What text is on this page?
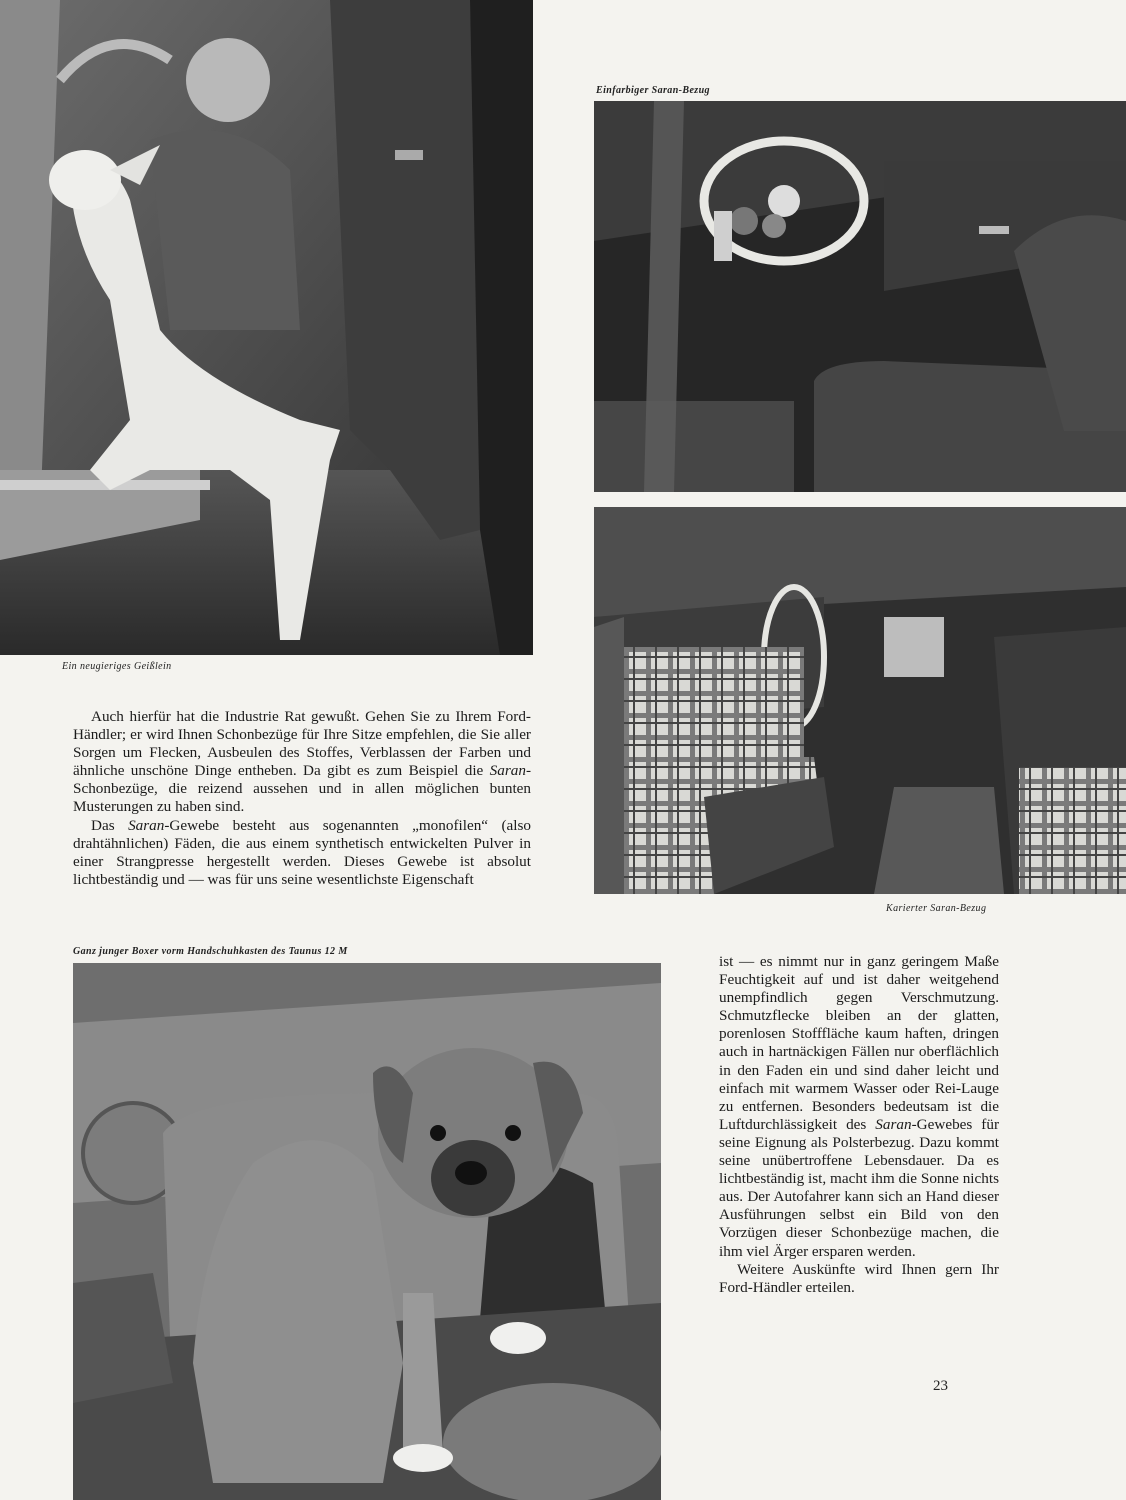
Ein neugieriges Geißlein
Einfarbiger Saran-Bezug
Karierter Saran-Bezug

Auch hierfür hat die Industrie Rat gewußt. Gehen Sie zu Ihrem Ford-Händler; er wird Ihnen Schonbezüge für Ihre Sitze empfehlen, die Sie aller Sorgen um Flecken, Ausbeulen des Stoffes, Verblassen der Farben und ähnliche unschöne Dinge entheben. Da gibt es zum Beispiel die Saran-Schonbezüge, die reizend aussehen und in allen möglichen bunten Musterungen zu haben sind.

Das Saran-Gewebe besteht aus sogenannten „monofilen“ (also drahtähnlichen) Fäden, die aus einem synthetisch entwickelten Pulver in einer Strangpresse hergestellt werden. Dieses Gewebe ist absolut lichtbeständig und — was für uns seine wesentlichste Eigenschaft

Ganz junger Boxer vorm Handschuhkasten des Taunus 12 M

ist — es nimmt nur in ganz geringem Maße Feuchtigkeit auf und ist daher weitgehend unempfindlich gegen Verschmutzung. Schmutzflecke bleiben an der glatten, porenlosen Stofffläche kaum haften, dringen auch in hartnäckigen Fällen nur oberflächlich in den Faden ein und sind daher leicht und einfach mit warmem Wasser oder Rei-Lauge zu entfernen. Besonders bedeutsam ist die Luftdurchlässigkeit des Saran-Gewebes für seine Eignung als Polsterbezug. Dazu kommt seine unübertroffene Lebensdauer. Da es lichtbeständig ist, macht ihm die Sonne nichts aus. Der Autofahrer kann sich an Hand dieser Ausführungen selbst ein Bild von den Vorzügen dieser Schonbezüge machen, die ihm viel Ärger ersparen werden.

Weitere Auskünfte wird Ihnen gern Ihr Ford-Händler erteilen.

23
